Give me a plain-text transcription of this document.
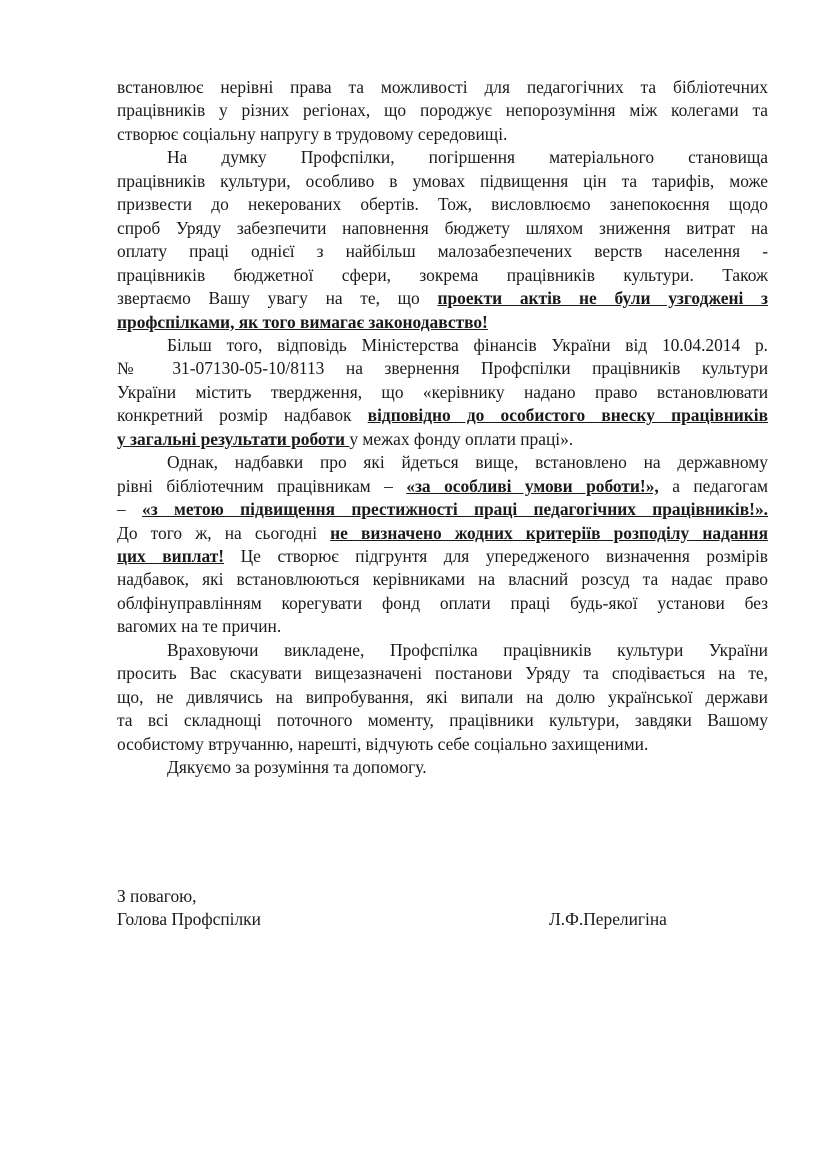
встановлює нерівні права та можливості для педагогічних та бібліотечних
працівників у різних регіонах, що породжує непорозуміння між колегами та
створює соціальну напругу в трудовому середовищі.
На думку Профспілки, погіршення матеріального становища
працівників культури, особливо в умовах підвищення цін та тарифів, може
призвести до некерованих обертів. Тож, висловлюємо занепокоєння щодо
спроб Уряду забезпечити наповнення бюджету шляхом зниження витрат на
оплату праці однієї з найбільш малозабезпечених верств населення -
працівників бюджетної сфери, зокрема працівників культури. Також
звертаємо Вашу увагу на те, що проекти актів не були узгоджені з
профспілками, як того вимагає законодавство!
Більш того, відповідь Міністерства фінансів України від 10.04.2014 р.
№ 31-07130-05-10/8113 на звернення Профспілки працівників культури
України містить твердження, що «керівнику надано право встановлювати
конкретний розмір надбавок відповідно до особистого внеску працівників
у загальні результати роботи у межах фонду оплати праці».
Однак, надбавки про які йдеться вище, встановлено на державному
рівні бібліотечним працівникам – «за особливі умови роботи!», а педагогам
– «з метою підвищення престижності праці педагогічних працівників!».
До того ж, на сьогодні не визначено жодних критеріїв розподілу надання
цих виплат! Це створює підгрунтя для упередженого визначення розмірів
надбавок, які встановлюються керівниками на власний розсуд та надає право
облфінуправлінням корегувати фонд оплати праці будь-якої установи без
вагомих на те причин.
Враховуючи викладене, Профспілка працівників культури України
просить Вас скасувати вищезазначені постанови Уряду та сподівається на те,
що, не дивлячись на випробування, які випали на долю української держави
та всі складнощі поточного моменту, працівники культури, завдяки Вашому
особистому втручанню, нарешті, відчують себе соціально захищеними.
Дякуємо за розуміння та допомогу.
З повагою,
Голова Профспілки	Л.Ф.Перелигіна
